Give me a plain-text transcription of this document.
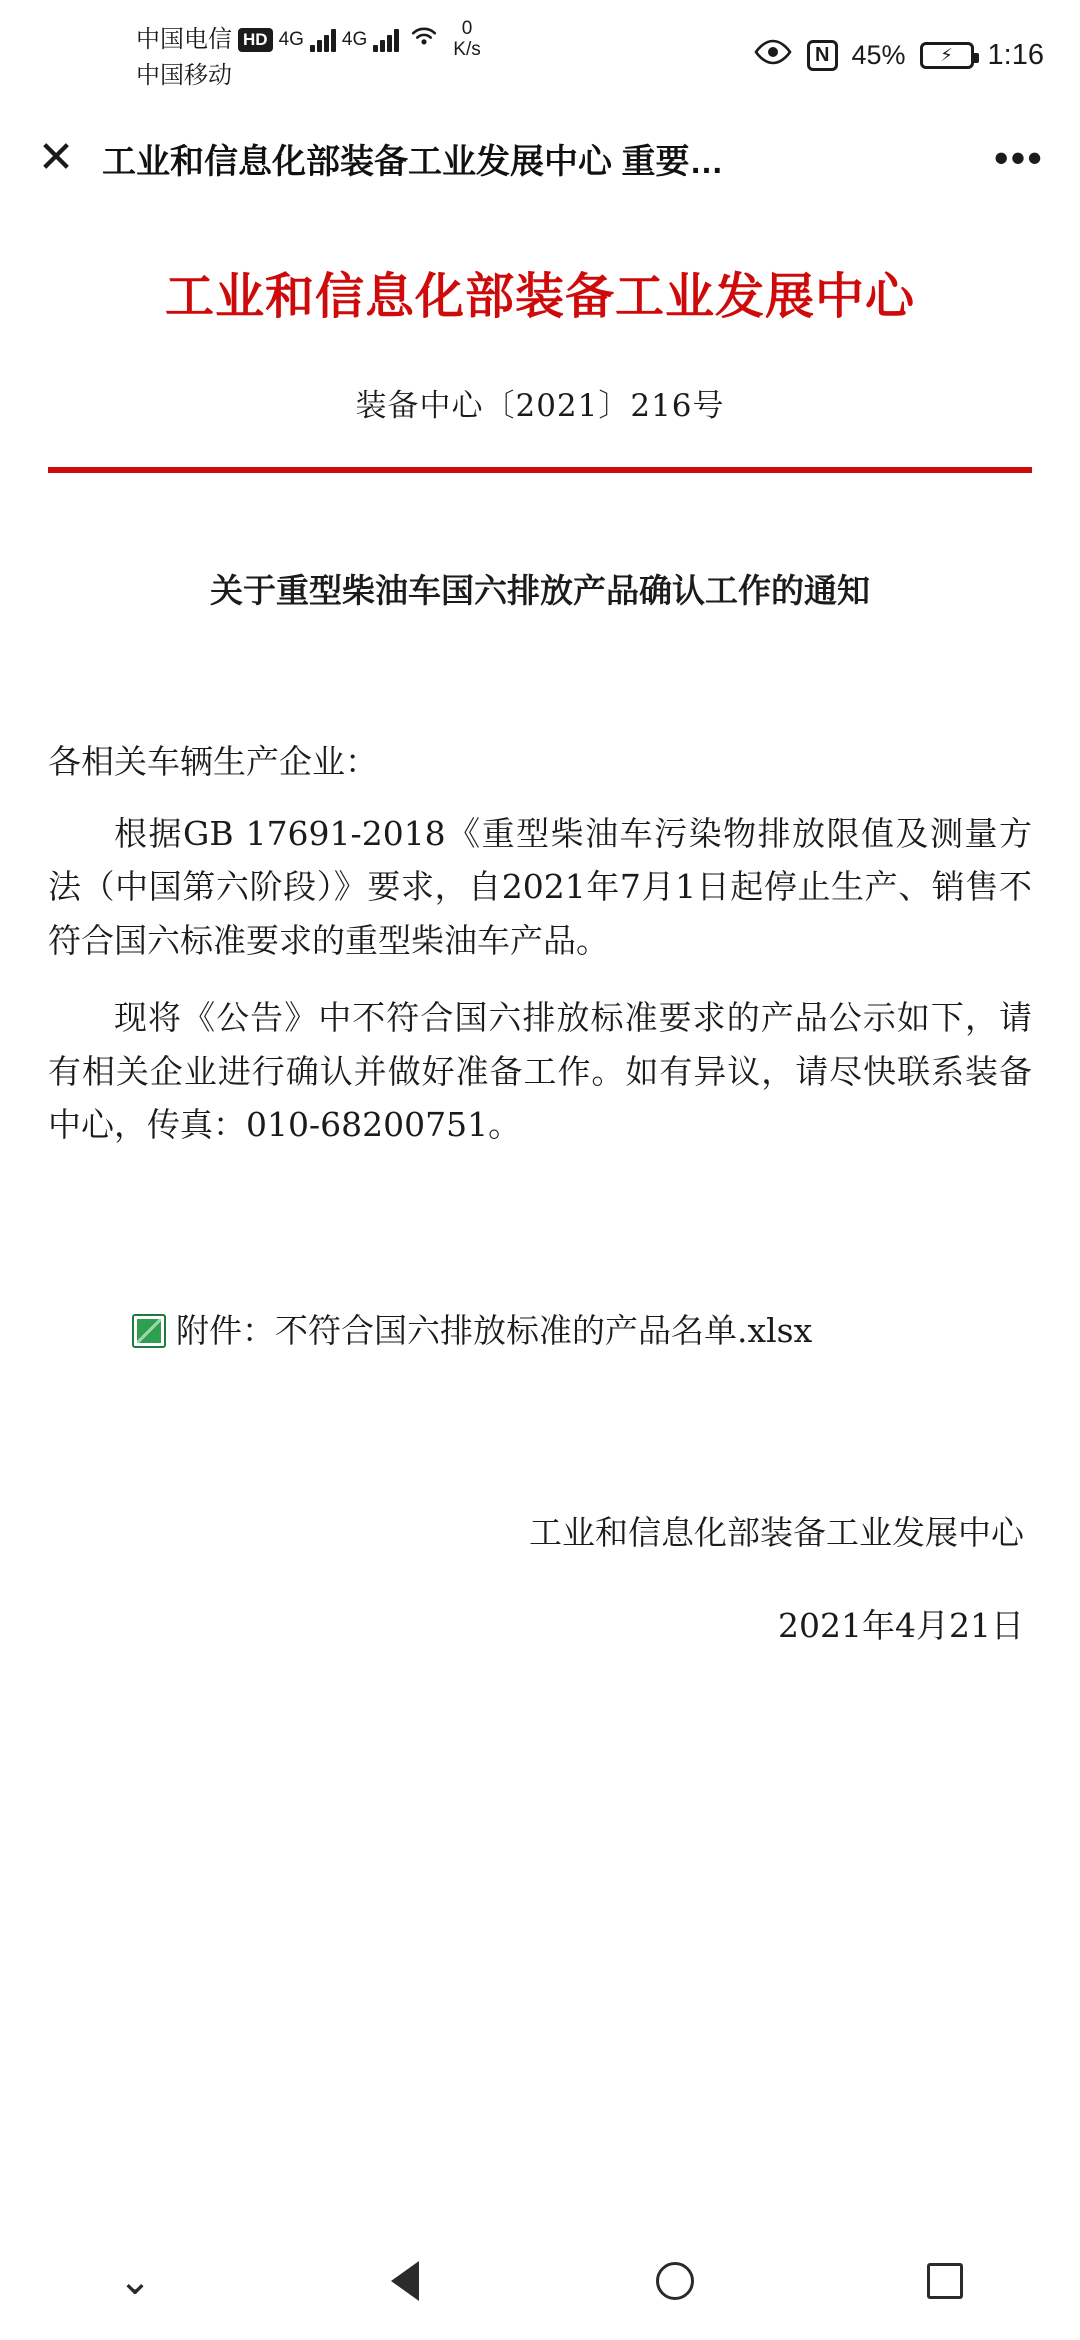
中国电信 HD 4G 4G
0
K/s
中国移动
N 45% ⚡ 1:16
✕ 工业和信息化部装备工业发展中心 重要…	•••
工业和信息化部装备工业发展中心
装备中心〔2021〕216号
关于重型柴油车国六排放产品确认工作的通知
各相关车辆生产企业：

根据GB 17691-2018《重型柴油车污染物排放限值及测量方法（中国第六阶段）》要求，自2021年7月1日起停止生产、销售不符合国六标准要求的重型柴油车产品。

现将《公告》中不符合国六排放标准要求的产品公示如下，请有相关企业进行确认并做好准备工作。如有异议，请尽快联系装备中心，传真：010-68200751。

附件：不符合国六排放标准的产品名单.xlsx
工业和信息化部装备工业发展中心
2021年4月21日
⌄
